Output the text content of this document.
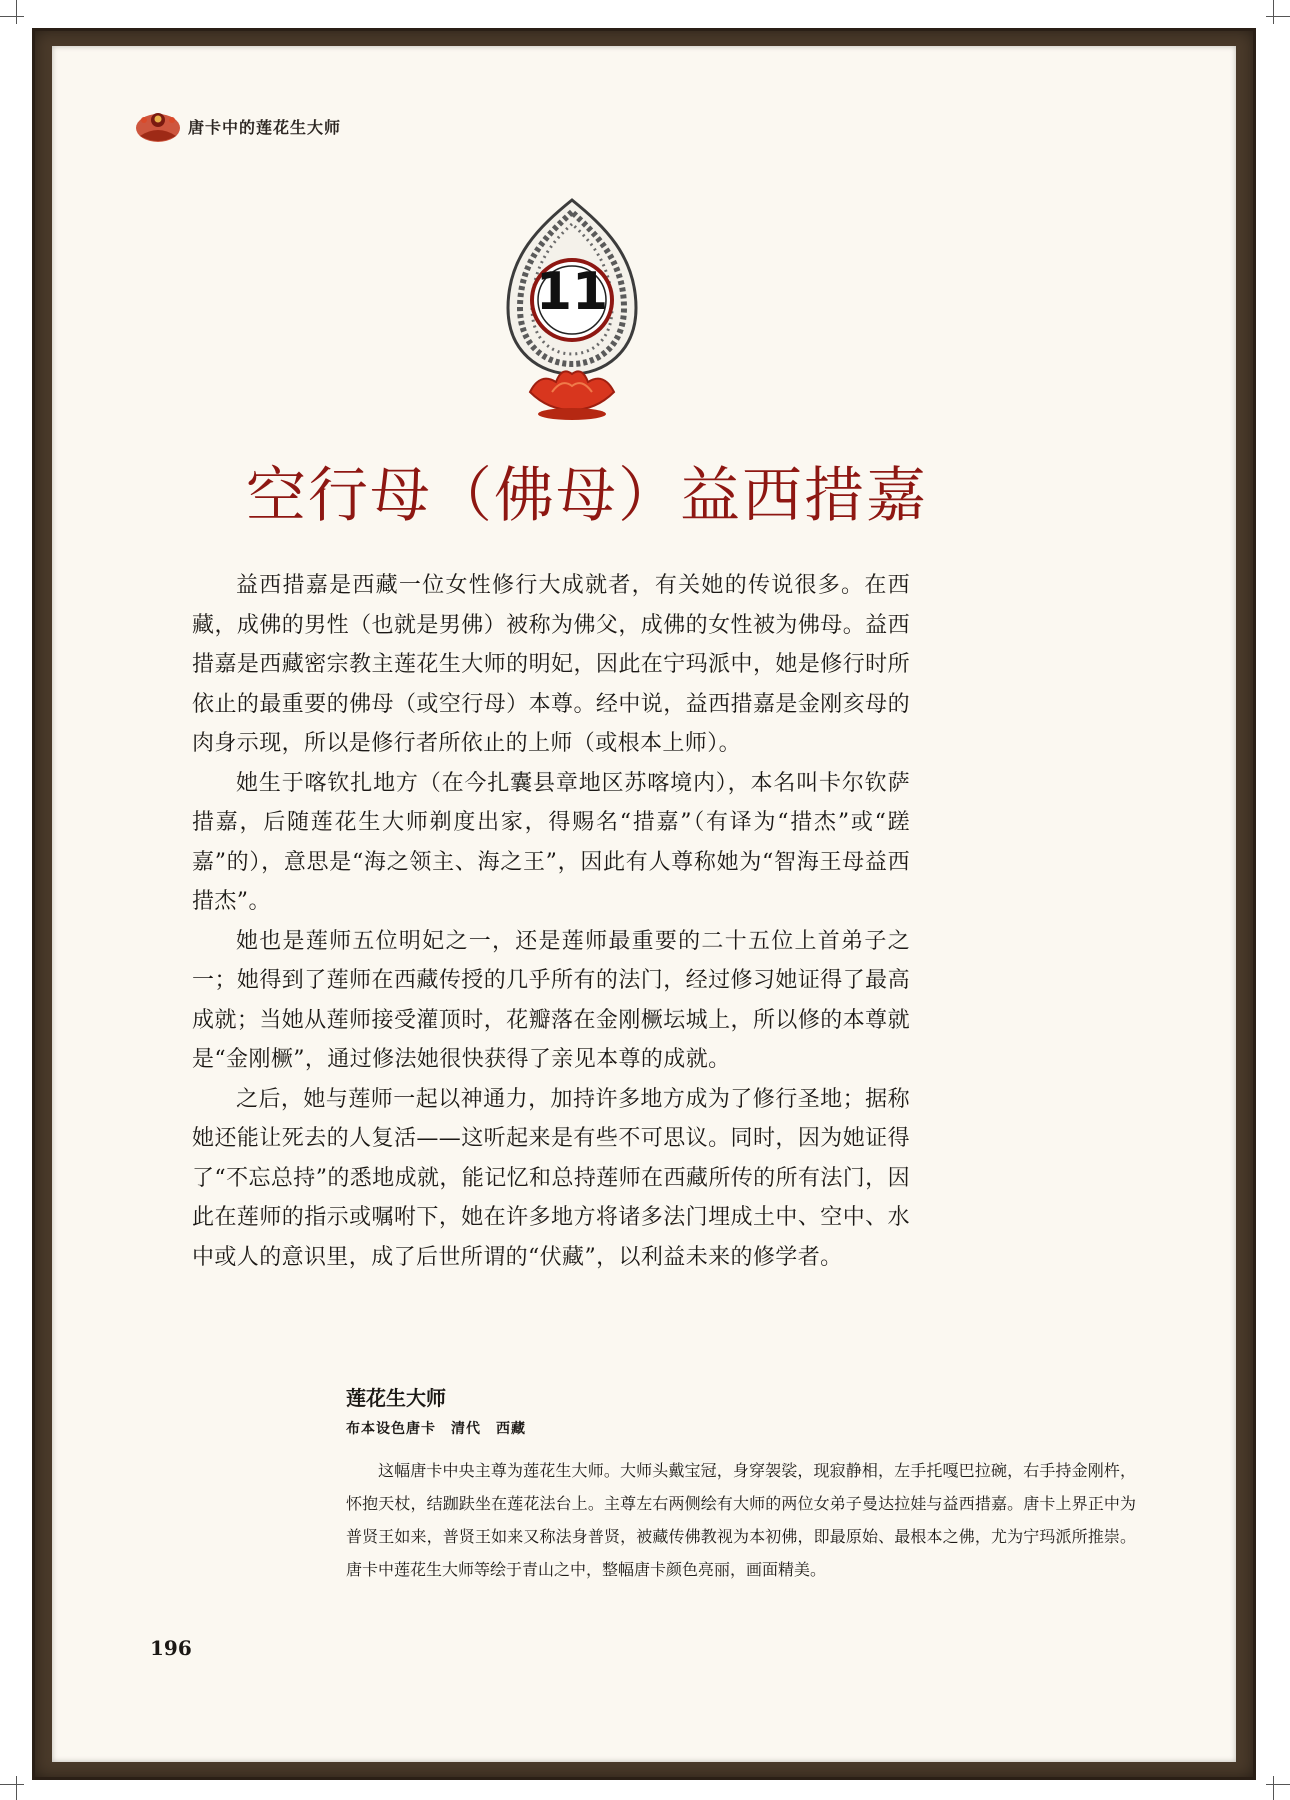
唐卡中的莲花生大师
11
空行母（佛母）益西措嘉

益西措嘉是西藏一位女性修行大成就者，有关她的传说很多。在西藏，成佛的男性（也就是男佛）被称为佛父，成佛的女性被为佛母。益西措嘉是西藏密宗教主莲花生大师的明妃，因此在宁玛派中，她是修行时所依止的最重要的佛母（或空行母）本尊。经中说，益西措嘉是金刚亥母的肉身示现，所以是修行者所依止的上师（或根本上师）。

她生于喀钦扎地方（在今扎囊县章地区苏喀境内），本名叫卡尔钦萨措嘉，后随莲花生大师剃度出家，得赐名“措嘉”（有译为“措杰”或“蹉嘉”的），意思是“海之领主、海之王”，因此有人尊称她为“智海王母益西措杰”。

她也是莲师五位明妃之一，还是莲师最重要的二十五位上首弟子之一；她得到了莲师在西藏传授的几乎所有的法门，经过修习她证得了最高成就；当她从莲师接受灌顶时，花瓣落在金刚橛坛城上，所以修的本尊就是“金刚橛”，通过修法她很快获得了亲见本尊的成就。

之后，她与莲师一起以神通力，加持许多地方成为了修行圣地；据称她还能让死去的人复活——这听起来是有些不可思议。同时，因为她证得了“不忘总持”的悉地成就，能记忆和总持莲师在西藏所传的所有法门，因此在莲师的指示或嘱咐下，她在许多地方将诸多法门埋成土中、空中、水中或人的意识里，成了后世所谓的“伏藏”，以利益未来的修学者。

莲花生大师
布本设色唐卡　清代　西藏
这幅唐卡中央主尊为莲花生大师。大师头戴宝冠，身穿袈裟，现寂静相，左手托嘎巴拉碗，右手持金刚杵，怀抱天杖，结跏趺坐在莲花法台上。主尊左右两侧绘有大师的两位女弟子曼达拉娃与益西措嘉。唐卡上界正中为普贤王如来，普贤王如来又称法身普贤，被藏传佛教视为本初佛，即最原始、最根本之佛，尤为宁玛派所推崇。唐卡中莲花生大师等绘于青山之中，整幅唐卡颜色亮丽，画面精美。
196
